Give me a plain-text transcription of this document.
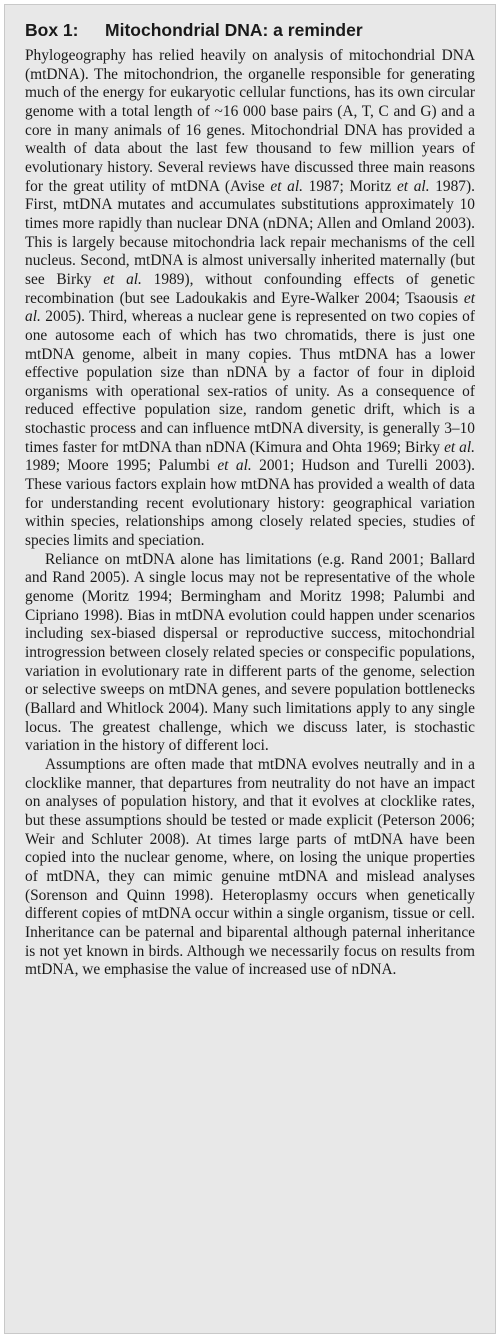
Box 1: Mitochondrial DNA: a reminder

Phylogeography has relied heavily on analysis of mitochondrial DNA (mtDNA). The mitochondrion, the organelle responsible for generating much of the energy for eukaryotic cellular functions, has its own circular genome with a total length of ~16 000 base pairs (A, T, C and G) and a core in many animals of 16 genes. Mitochondrial DNA has provided a wealth of data about the last few thousand to few million years of evolutionary history. Several reviews have discussed three main reasons for the great utility of mtDNA (Avise et al. 1987; Moritz et al. 1987). First, mtDNA mutates and accumulates substitutions approximately 10 times more rapidly than nuclear DNA (nDNA; Allen and Omland 2003). This is largely because mitochondria lack repair mechanisms of the cell nucleus. Second, mtDNA is almost universally inherited maternally (but see Birky et al. 1989), without confounding effects of genetic recombination (but see Ladoukakis and Eyre-Walker 2004; Tsaousis et al. 2005). Third, whereas a nuclear gene is represented on two copies of one autosome each of which has two chromatids, there is just one mtDNA genome, albeit in many copies. Thus mtDNA has a lower effective population size than nDNA by a factor of four in diploid organisms with operational sex-ratios of unity. As a consequence of reduced effective population size, random genetic drift, which is a stochastic process and can influence mtDNA diversity, is generally 3–10 times faster for mtDNA than nDNA (Kimura and Ohta 1969; Birky et al. 1989; Moore 1995; Palumbi et al. 2001; Hudson and Turelli 2003). These various factors explain how mtDNA has provided a wealth of data for understanding recent evolutionary history: geographical variation within species, relationships among closely related species, studies of species limits and speciation.

Reliance on mtDNA alone has limitations (e.g. Rand 2001; Ballard and Rand 2005). A single locus may not be representative of the whole genome (Moritz 1994; Bermingham and Moritz 1998; Palumbi and Cipriano 1998). Bias in mtDNA evolution could happen under scenarios including sex-biased dispersal or reproductive success, mitochondrial introgression between closely related species or conspecific populations, variation in evolutionary rate in different parts of the genome, selection or selective sweeps on mtDNA genes, and severe population bottlenecks (Ballard and Whitlock 2004). Many such limitations apply to any single locus. The greatest challenge, which we discuss later, is stochastic variation in the history of different loci.

Assumptions are often made that mtDNA evolves neutrally and in a clocklike manner, that departures from neutrality do not have an impact on analyses of population history, and that it evolves at clocklike rates, but these assumptions should be tested or made explicit (Peterson 2006; Weir and Schluter 2008). At times large parts of mtDNA have been copied into the nuclear genome, where, on losing the unique properties of mtDNA, they can mimic genuine mtDNA and mislead analyses (Sorenson and Quinn 1998). Heteroplasmy occurs when genetically different copies of mtDNA occur within a single organism, tissue or cell. Inheritance can be paternal and biparental although paternal inheritance is not yet known in birds. Although we necessarily focus on results from mtDNA, we emphasise the value of increased use of nDNA.
